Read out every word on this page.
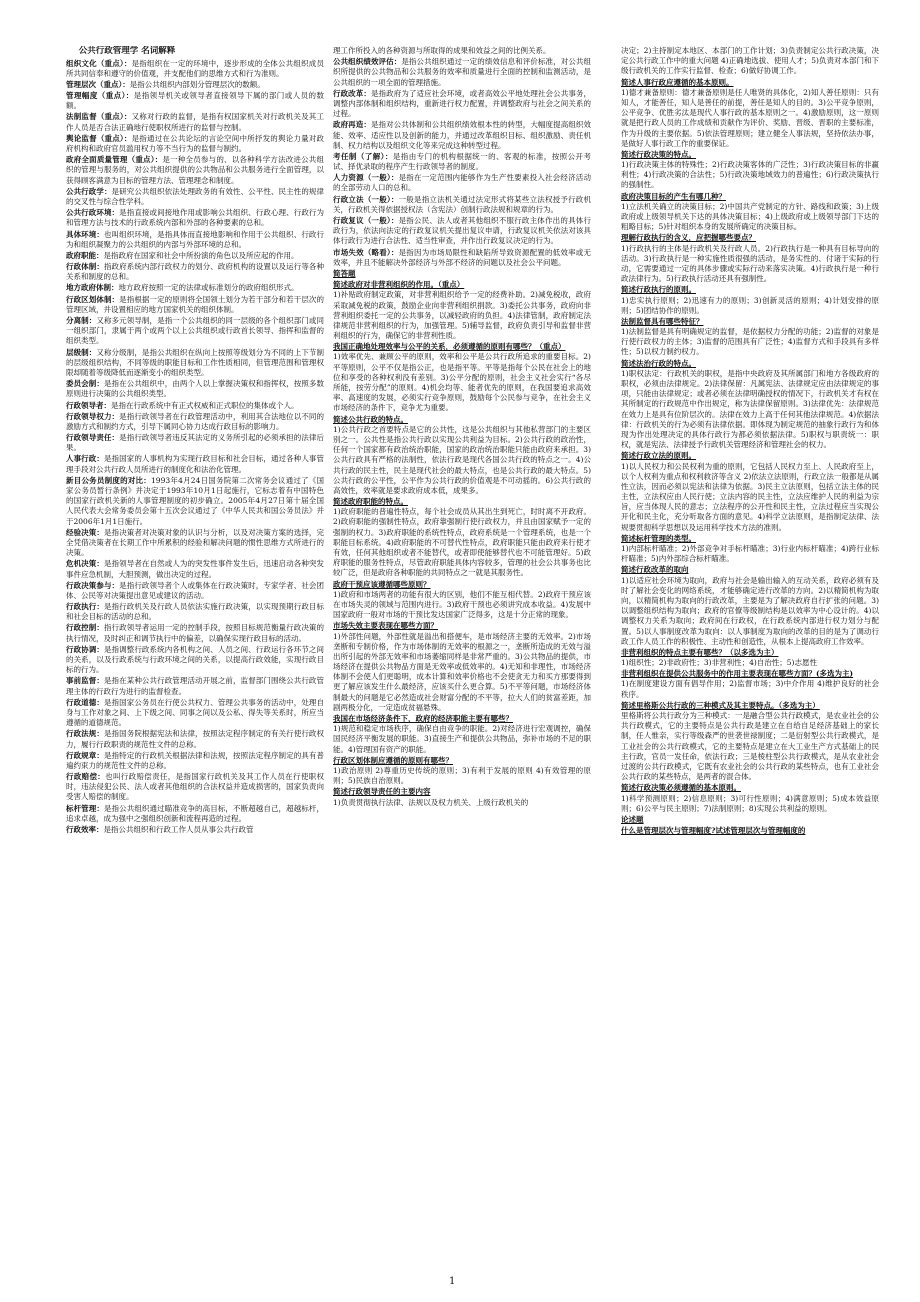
公共行政管理学 名词解释

组织文化（重点）：是指组织在一定的环境中，逐步形成的全体公共组织成员所共同信奉和遵守的价值观，并支配他们的思维方式和行为准则。

管理层次（重点）：是指公共组织内部划分管理层次的数额。

管理幅度（重点）：是指领导机关或领导者直接领导下属的部门或人员的数额。

法制监督（重点）：又称对行政的监督，是指有权国家机关对行政机关及其工作人员是否合法正确地行使职权所进行的监督与控制。

舆论监督（重点）：是指通过在公共论坛的言论空间中所抒发的舆论力量对政府机构和政府官员滥用权力等不当行为的监督与制约。

政府全面质量管理（重点）：是一种全员参与的、以各种科学方法改进公共组织的管理与服务的，对公共组织提供的公共物品和公共服务进行全面管理，以获得顾客满意为目标的管理方法、管理理念和制度。

公共行政学：是研究公共组织依法处理政务的有效性、公平性、民主性的规律的交叉性与综合性学科。

公共行政环境：是指直接或间接地作用或影响公共组织、行政心理、行政行为和管理方法与技术的行政系统内部和外部的各种要素的总和。

具体环境：也叫组织环境，是指具体而直接地影响和作用于公共组织、行政行为和组织凝聚力的公共组织的内部与外部环境的总和。

政府职能：是指政府在国家和社会中所扮演的角色以及所应起的作用。

行政体制：指政府系统内部行政权力的划分、政府机构的设置以及运行等各种关系和制度的总和。

地方政府体制：地方政府按照一定的法律或标准划分的政府组织形式。

行政区划体制：是指根据一定的原则将全国领土划分为若干部分和若干层次的管理区域，并设置相应的地方国家机关的组织体制。

分离制：又称多元领导制，是指一个公共组织的同一层级的各个组织部门或同一组织部门，隶属于两个或两个以上公共组织或行政首长领导、指挥和监督的组织类型。

层级制：又称分级制，是指公共组织在纵向上按照等级划分为不同的上下节制的层级组织结构，不同等级的职能目标和工作性质相同，但管理范围和管理权限却随着等级降低而逐渐变小的组织类型。

委员会制：是指在公共组织中，由两个人以上掌握决策权和指挥权，按照多数原则进行决策的公共组织类型。

行政领导者：是指在行政系统中有正式权威和正式职位的集体或个人。

行政领导权力：是指行政领导者在行政管理活动中，利用其合法地位以不同的激励方式和制约方式，引导下属同心协力达成行政目标的影响力。

行政领导责任：是指行政领导者违反其法定的义务所引起的必须承担的法律后果。

人事行政：是指国家的人事机构为实现行政目标和社会目标，通过各种人事管理手段对公共行政人员所进行的制度化和法治化管理。

新目公务员制度的对比：1993年4月24日国务院第二次常务会议通过了《国家公务员暂行条例》并决定于1993年10月1日起施行，它标志着有中国特色的国家行政机关新的人事管理制度的初步确立。2005年4月27日第十届全国人民代表大会常务委员会第十五次会议通过了《中华人民共和国公务员法》并于2006年1月1日施行。

经验决策：是指决策者对决策对象的认识与分析，以及对决策方案的选择，完全凭借决策者在长期工作中所累积的经验和解决问题的惯性思维方式所进行的决策。

危机决策：是指领导者在自然或人为的突发性事件发生后，迅速启动各种突发事件应急机制，大胆预测，做出决定的过程。

行政决策参与：是指行政领导者个人或集体在行政决策时，专家学者、社会团体、公民等对决策提出意见或建议的活动。

行政执行：是指行政机关及行政人员依法实施行政决策，以实现预期行政目标和社会目标的活动的总和。

行政控制：指行政领导者运用一定的控制手段，按照目标规范衡量行政决策的执行情况，及时纠正和调节执行中的偏差，以确保实现行政目标的活动。

行政协调：是指调整行政系统内各机构之间、人员之间、行政运行各环节之间的关系，以及行政系统与行政环境之间的关系，以提高行政效能，实现行政目标的行为。

事前监督：是指在某种公共行政管理活动开展之前，监督部门围绕公共行政管理主体的行政行为进行的监督检查。

行政道德：是指国家公务员在行使公共权力、管理公共事务的活动中，处理自身与工作对象之间、上下级之间、同事之间以及公私、得失等关系时，所应当遵循的道德规范。

行政法规：是指国务院根据宪法和法律，按照法定程序制定的有关行使行政权力，履行行政职责的规范性文件的总称。

行政规章：是指特定的行政机关根据法律和法规，按照法定程序制定的具有普遍约束力的规范性文件的总称。

行政赔偿：也叫行政赔偿责任，是指国家行政机关及其工作人员在行使职权时，违法侵犯公民、法人或者其他组织的合法权益并造成损害的，国家负责向受害人赔偿的制度。

标杆管理：是指公共组织通过瞄准竞争的高目标，不断超越自己，超越标杆，追求卓越，成为强中之强组织创新和流程再造的过程。

行政效率：是指公共组织和行政工作人员从事公共行政管

理工作所投入的各种资源与所取得的成果和效益之间的比例关系。

公共组织绩效评估：是指公共组织通过一定的绩效信息和评价标准，对公共组织所提供的公共物品和公共服务的效率和质量进行全面的控制和监测活动，是公共组织的一项全面的管理措施。

行政改革：是指政府为了适应社会环境，或者高效公平地处理社会公共事务，调整内部体制和组织结构，重新进行权力配置，并调整政府与社会之间关系的过程。

政府再造：是指对公共体制和公共组织绩效根本性的转型，大幅度提高组织效能、效率、适应性以及创新的能力，并通过改革组织目标、组织激励、责任机制、权力结构以及组织文化等来完成这种转型过程。

考任制（了解）：是指由专门的机构根据统一的、客观的标准，按照公开考试、择优录取的程序产生行政领导者的制度。

人力资源（一般）：是指在一定范围内能够作为生产性要素投入社会经济活动的全部劳动人口的总和。

行政立法（一般）：一般是指立法机关通过法定形式将某些立法权授予行政机关，行政机关得依据授权法（含宪法）创制行政法规和规章的行为。

行政复议（一般）：是指公民、法人或者其他组织不服行政主体作出的具体行政行为，依法向法定的行政复议机关提出复议申请，行政复议机关依法对该具体行政行为进行合法性、适当性审查，并作出行政复议决定的行为。

市场失效（略看）：是指因为市场局限性和缺陷所导致资源配置的低效率或无效率，并且不能解决外部经济与外部不经济的问题以及社会公平问题。

简答题
简述政府对非营利组织的作用。（重点）

1)补贴政府制定政策，对非营利组织给予一定的经费补助。2)减免税收，政府采取减免税的政策，鼓励企业向非营利组织捐款。3)委托公共事务，政府向非营利组织委托一定的公共事务，以减轻政府的负担。4)法律管制，政府制定法律规范非营利组织的行为，加强管理。5)辅导监督，政府负责引导和监督非营利组织的行为，确保它的非营利性质。

我国正确地处理效率与公平的关系，必须遵循的原则有哪些？（重点）

1)效率优先、兼顾公平的原则，效率和公平是公共行政所追求的重要目标。2)平等原则，公平不仅是指公正，也是指平等。平等是指每个公民在社会上的地位和享受的各种权利没有差别。3)公平分配的原则，社会主义社会实行“各尽所能，按劳分配”的原则。4)机会均等、能者优先的原则，在我国要追求高效率、高速度的发展，必须实行竞争原则，鼓励每个公民参与竞争，在社会主义市场经济的条件下，竞争尤为重要。

简述公共行政的特点。

1)公共行政之首要特点是它的公共性，这是公共组织与其他私营部门的主要区别之一。公共性是指公共行政以实现公共利益为目标。2)公共行政的政治性，任何一个国家都有政治统治职能，国家的政治统治职能只能由政府来承担。3)公共行政具有严格的法制性，依法行政是现代各国公共行政的特点之一。4)公共行政的民主性，民主是现代社会的最大特点，也是公共行政的最大特点。5)公共行政的公平性，公平作为公共行政的价值观是不可动摇的。6)公共行政的高效性，效率就是要求政府成本低，成果多。

简述政府职能的特点。

1)政府职能的普遍性特点，每个社会成员从其出生到死亡，时时离不开政府。2)政府职能的强制性特点，政府靠强制行使行政权力，并且由国家赋予一定的强制的权力。3)政府职能的系统性特点，政府系统是一个管理系统，也是一个职能目标系统。4)政府职能的不可替代性特点，政府职能只能由政府来行使才有效，任何其他组织或者不能替代，或者即使能够替代也不可能管理好。5)政府职能的服务性特点，尽管政府职能具体内容较多，管理的社会公共事务也比较广泛，但是政府各种职能的共同特点之一就是其服务性。

政府干预应该遵循哪些原则？

1)政府和市场两者的功能有很大的区别，他们不能互相代替。2)政府干预应该在市场失灵的领域与范围内进行。3)政府干预也必须讲究成本收益。4)发展中国家政府一般对市场的干预比发达国家广泛得多，这是十分正常的现象。

市场失效主要表现在哪些方面？

1)外部性问题，外部性就是溢出和搭便车，是市场经济主要的无效率。2)市场垄断和专制价格，作为市场体制的无效率的根源之一，垄断所造成的无效与溢出所引起的外部无效率和市场萎缩同样是非常严重的。3)公共物品的提供，市场经济在提供公共物品方面是无效率或低效率的。4)无知和非理性，市场经济体制不会使人们更聪明，成本计算和效率价格也不会使贪无力和买方那要得到更了解应该发生什么最经济，应该买什么更合算。5)不平等问题，市场经济体制最大的问题是它必然造成社会财富分配的不平等，拉大人们的贫富差距，加剧两极分化，一定造成贫福悬殊。

我国在市场经济条件下，政府的经济职能主要有哪些？

1)规范和稳定市场秩序，确保自由竞争的职能。2)对经济进行宏观调控，确保国民经济平衡发展的职能。3)直接生产和提供公共物品，弥补市场的不足的职能。4)管理国有资产的职能。

行政区划体制应遵循的原则有哪些？

1)政治原则 2)尊重历史传统的原则；3)有利于发展的原则 4)有效管理的原则；5)民族自治原则。

简述行政领导责任的主要内容

1)负责贯彻执行法律、法规以及权力机关、上级行政机关的

决定；2)主持制定本地区、本部门的工作计划；3)负责制定公共行政决策，决定公共行政工作中的重大问题 4)正确地选拔、使用人才；5)负责对本部门和下级行政机关的工作实行监督、检查；6)做好协调工作。

简述人事行政应遵循的基本原则。

1)德才兼备原则：德才兼备原则是任人唯贤的具体化，2)知人善任原则：只有知人，才能善任，知人是善任的前提，善任是知人的目的。3)公平竞争原则，公平竞争、优胜劣汰是现代人事行政的基本原则之一。4)激励原则，这一原则就是把行政人员的工作成绩和贡献作为评价、奖励、晋级、晋职的主要标准，作为升级的主要依据。5)依法管理原则；建立健全人事法规，坚持依法办事，是做好人事行政工作的重要保证。

简述行政决策的特点。

1)行政决策主体的特殊性；2)行政决策客体的广泛性；3)行政决策目标的非赢利性；4)行政决策的合法性；5)行政决策地域效力的普遍性；6)行政决策执行的强制性。

政府决策目标的产生有哪几种？

1)立法机关确立的决策目标；2)中国共产党制定的方针、路线和政策；3)上级政府或上级领导机关下达的具体决策目标；4)上级政府或上级领导部门下达的粗略目标；5)针对组织本身的发展所确定的决策目标。

理解行政执行的含义，应把握哪些要点？

1)行政执行的主体是行政机关及行政人员。2)行政执行是一种具有目标导向的活动。3)行政执行是一种实施性质很强的活动，是务实性的、付诸于实际的行动，它需要通过一定的具体步骤或实际行动来落实决策。4)行政执行是一种行政法律行为。5)行政执行活动还具有强制性。

简述行政执行的原则。

1)忠实执行原则；2)迅速有力的原则；3)创新灵活的原则；4)计划安排的原则；5)团结协作的原则。

法制监督具有哪些特征？

1)法制监督是具有明确规定的监督，是依据权力分配的功能；2)监督的对象是行使行政权力的主体；3)监督的范围具有广泛性；4)监督方式和手段具有多样性；5)以权力制约权力。

简述法治行政的特点。

1)职权法定：行政机关的职权，是指中央政府及其所属部门和地方各级政府的职权，必须由法律规定。2)法律保留：凡属宪法、法律规定应由法律规定的事项，只能由法律规定；或者必须在法律明确授权的情况下，行政机关才有权在其所制定的行政规范中作出规定，称为法律保留原则。3)法律优先：法律规范在效力上是具有位阶层次的。法律在效力上高于任何其他法律规范。4)依据法律：行政机关的行为必须有法律依据。即体现为制定规范的抽象行政行为和体现为作出处理决定的具体行政行为都必须依据法律。5)职权与职责统一：职权，就是宪法、法律授予行政机关管理经济和管理社会的权力。

简述行政立法的原则。

1)以人民权力和公民权利为重的原则，它包括人民权力至上、人民政府至上，以个人权利为重点和权利救济等含义 2)依法立法原则，行政立法一般都是从属性立法，因而必须以宪法和法律为依据。3)民主立法原则，包括立法主体的民主性，立法权应由人民行使；立法内容的民主性，立法应维护人民的利益为宗旨，应当体现人民的意志；立法程序的公开性和民主性，立法过程应当实现公开化和民主化，充分听取各方面的意见。4)科学立法原则，是指制定法律、法规要贯彻科学思想以及运用科学技术方法的准则。

简述标杆管理的类型。

1)内部标杆瞄准；2)外部竞争对手标杆瞄准；3)行业内标杆瞄准；4)跨行业标杆瞄准；5)内外部综合标杆瞄准。

简述行政改革的取向

1)以适应社会环境为取向，政府与社会是输出输入的互动关系，政府必须有及时了解社会变化的网络系统，才能够确定进行改革的方向。2)以精简机构为取向，以精简机构为取向的行政改革，主要是为了解决政府自行扩张的问题。3)以调整组织结构为取向；政府的官僚等级制结构是以效率为中心设计的。4)以调整权力关系为取向；政府间在行政权，在行政系统内部进行权力划分与配置。5)以人事制度改革为取向：以人事制度为取向的改革的目的是为了调动行政工作人员工作的积极性、主动性和创造性，从根本上提高政府工作效率。

非营利组织的特点主要有哪些？（以多选为主）

1)组织性；2)非政府性；3)非营利性；4)自治性；5)志愿性

非营利组织在提供公共服务中的作用主要表现在哪些方面？(多选为主)

1)在制度建设方面有倡导作用；2)监督市场；3)中介作用 4)维护良好的社会秩序。

简述里格斯公共行政的三种模式及其主要特点。（多选为主）

里格斯将公共行政分为三种模式：一是融合型公共行政模式，是农业社会的公共行政模式，它的主要特点是公共行政是建立在自给自足经济基础上的家长制，任人惟亲，实行等级森严的世袭世禄制度；二是衍射型公共行政模式，是工业社会的公共行政模式，它的主要特点是建立在大工业生产方式基础上的民主行政，官员一发任命，依法行政；三是棱柱型公共行政模式，是从农业社会过渡的公共行政模式，它既有农业社会的公共行政的某些特点，也有工业社会公共行政的某些特点，是两者的混合体。

简述行政决策必须遵循的基本原则。

1)科学预测原则；2)信息原则；3)可行性原则；4)满意原则；5)成本效益原则；6)公平与民主原则；7)法制原则；8)实现公共利益的原则。

论述题
什么是管理层次与管理幅度?试述管理层次与管理幅度的
1
